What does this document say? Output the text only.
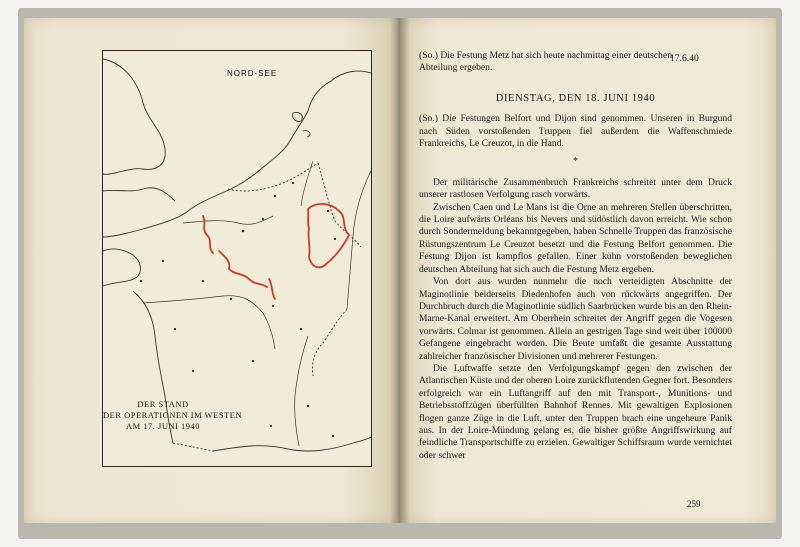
NORD-SEE
DER STAND
DER OPERATIONEN IM WESTEN
AM 17. JUNI 1940
17.6.40

(So.) Die Festung Metz hat sich heute nachmittag einer deutschen Abteilung ergeben.

DIENSTAG, DEN 18. JUNI 1940

(So.) Die Festungen Belfort und Dijon sind genommen. Unseren in Burgund nach Süden vorstoßenden Truppen fiel außerdem die Waffenschmiede Frankreichs, Le Creuzot, in die Hand.

*

Der militärische Zusammenbruch Frankreichs schreitet unter dem Druck unserer rastlosen Verfolgung rasch vorwärts.

Zwischen Caen und Le Mans ist die Orne an mehreren Stellen überschritten, die Loire aufwärts Orléans bis Nevers und südöstlich davon erreicht. Wie schon durch Sondermeldung bekanntgegeben, haben Schnelle Truppen das französische Rüstungszentrum Le Creuzot besetzt und die Festung Belfort genommen. Die Festung Dijon ist kampflos gefallen. Einer kühn vorstoßenden beweglichen deutschen Abteilung hat sich auch die Festung Metz ergeben.

Von dort aus wurden nunmehr die noch verteidigten Abschnitte der Maginotlinie beiderseits Diedenhofen auch von rückwärts angegriffen. Der Durchbruch durch die Maginotlinie südlich Saarbrücken wurde bis an den Rhein-Marne-Kanal erweitert. Am Oberrhein schreitet der Angriff gegen die Vogesen vorwärts. Colmar ist genommen. Allein an gestrigen Tage sind weit über 100000 Gefangene eingebracht worden. Die Beute umfaßt die gesamte Ausstattung zahlreicher französischer Divisionen und mehrerer Festungen.

Die Luftwaffe setzte den Verfolgungskampf gegen den zwischen der Atlantischen Küste und der oberen Loire zurückflutenden Gegner fort. Besonders erfolgreich war ein Luftangriff auf den mit Transport-, Munitions- und Betriebsstoffzügen überfüllten Bahnhof Rennes. Mit gewaltigen Explosionen flogen ganze Züge in die Luft, unter den Truppen brach eine ungeheure Panik aus. In der Loire-Mündung gelang es, die bisher größte Angriffswirkung auf feindliche Transportschiffe zu erzielen. Gewaltiger Schiffsraum wurde vernichtet oder schwer

259
